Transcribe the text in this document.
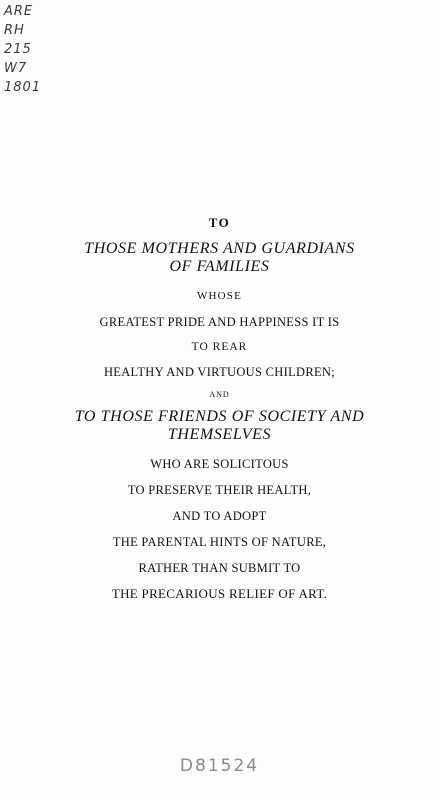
ARE
RH
215
W7
1801
TO
THOSE MOTHERS AND GUARDIANS
OF FAMILIES
WHOSE
GREATEST PRIDE AND HAPPINESS IT IS
TO REAR
HEALTHY AND VIRTUOUS CHILDREN;
AND
TO THOSE FRIENDS OF SOCIETY AND
THEMSELVES
WHO ARE SOLICITOUS
TO PRESERVE THEIR HEALTH,
AND TO ADOPT
THE PARENTAL HINTS OF NATURE,
RATHER THAN SUBMIT TO
THE PRECARIOUS RELIEF OF ART.
D81524
